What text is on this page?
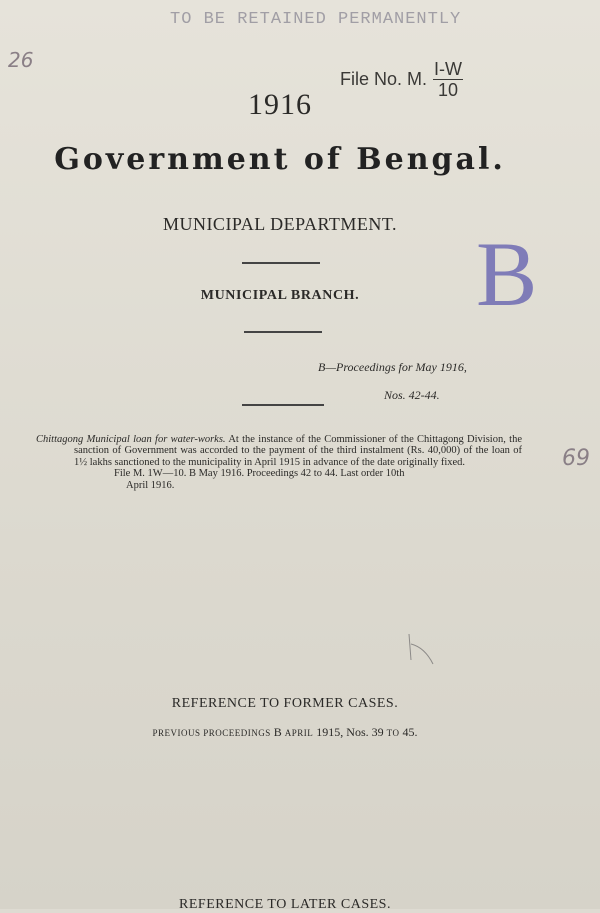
TO BE RETAINED PERMANENTLY
26
File No. M. $\frac{I-W}{10}$
1916
Government of Bengal.
MUNICIPAL DEPARTMENT.
MUNICIPAL BRANCH.	B
B—Proceedings for May 1916,
Nos. 42-44.

Chittagong Municipal loan for water-works. At the instance of the Commissioner of the Chittagong Division, the sanction of Government was accorded to the payment of the third instalment (Rs. 40,000) of the loan of 1½ lakhs sanctioned to the municipality in April 1915 in advance of the date originally fixed.

File M. 1W—10. B May 1916. Proceedings 42 to 44. Last order 10th

April 1916.

69
REFERENCE TO FORMER CASES.
PREVIOUS PROCEEDINGS B APRIL 1915, Nos. 39 TO 45.
REFERENCE TO LATER CASES.
